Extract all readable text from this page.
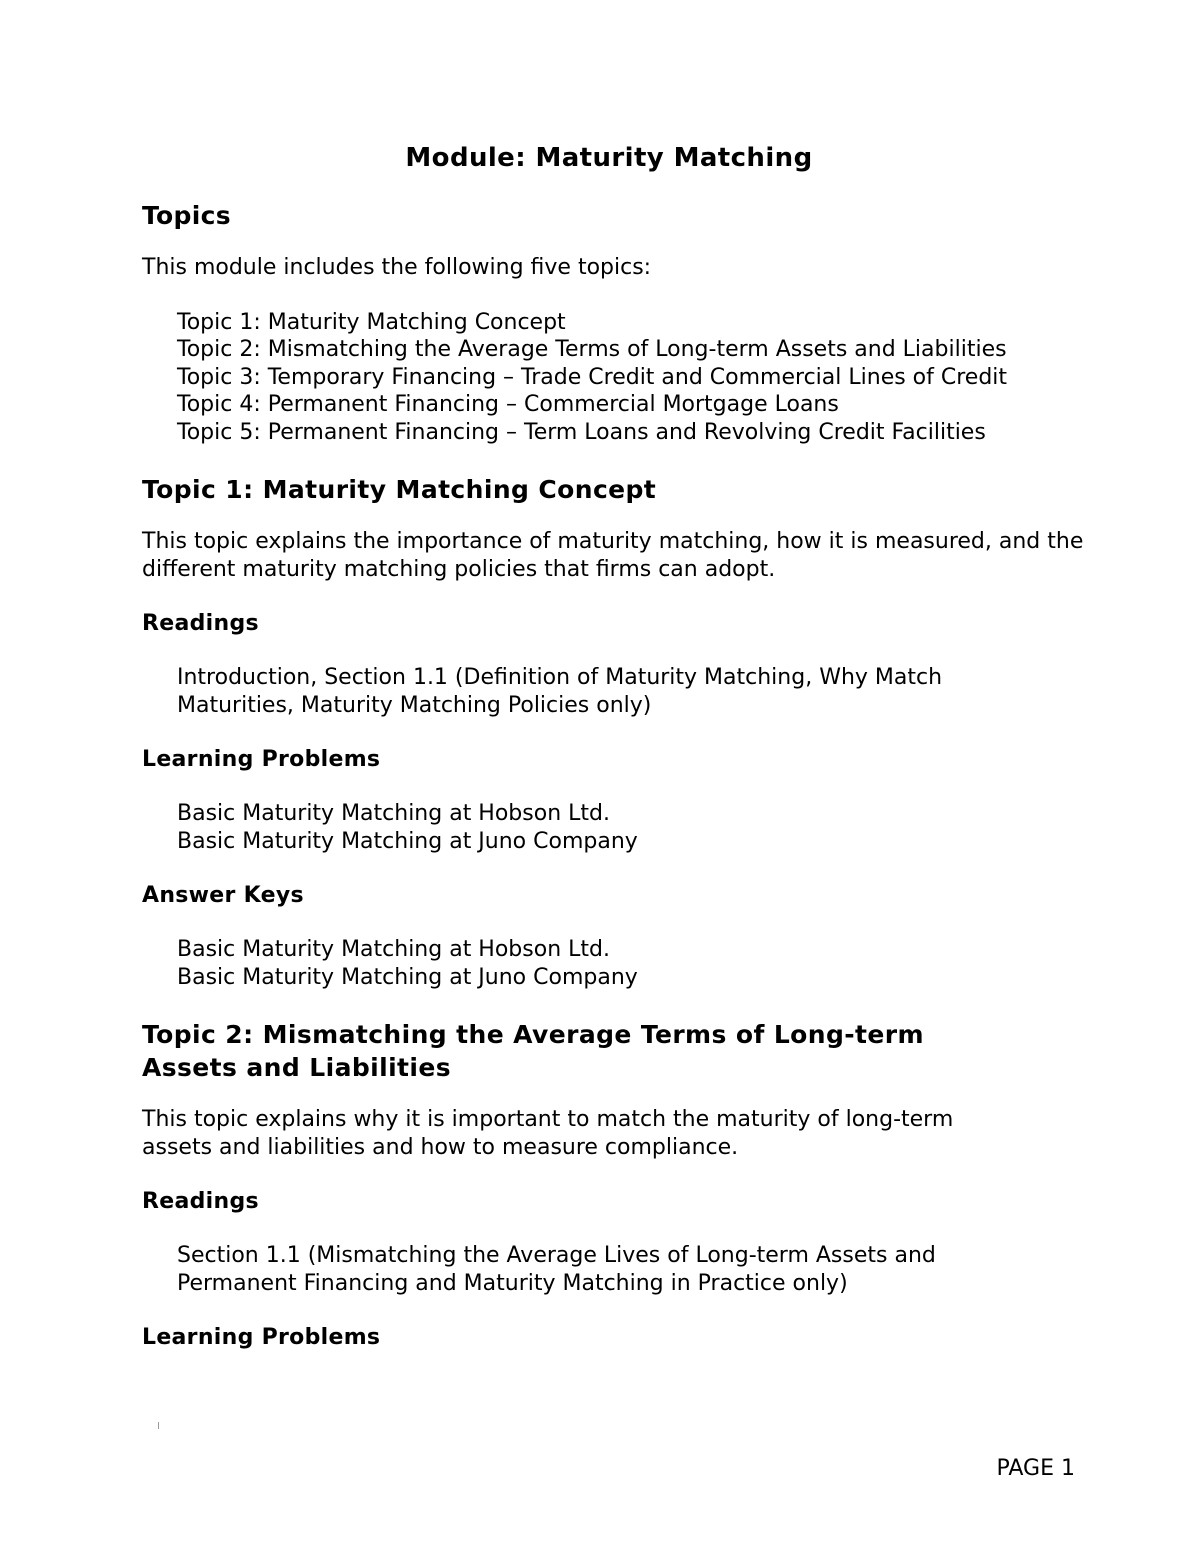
Module: Maturity Matching
Topics

This module includes the following five topics:

Topic 1: Maturity Matching Concept
Topic 2: Mismatching the Average Terms of Long-term Assets and Liabilities
Topic 3: Temporary Financing – Trade Credit and Commercial Lines of Credit
Topic 4: Permanent Financing – Commercial Mortgage Loans
Topic 5: Permanent Financing – Term Loans and Revolving Credit Facilities
Topic 1: Maturity Matching Concept

This topic explains the importance of maturity matching, how it is measured, and the different maturity matching policies that firms can adopt.

Readings
Introduction, Section 1.1 (Definition of Maturity Matching, Why Match Maturities, Maturity Matching Policies only)
Learning Problems
Basic Maturity Matching at Hobson Ltd.
Basic Maturity Matching at Juno Company
Answer Keys
Basic Maturity Matching at Hobson Ltd.
Basic Maturity Matching at Juno Company
Topic 2: Mismatching the Average Terms of Long-term Assets and Liabilities

This topic explains why it is important to match the maturity of long-term assets and liabilities and how to measure compliance.

Readings
Section 1.1 (Mismatching the Average Lives of Long-term Assets and Permanent Financing and Maturity Matching in Practice only)
Learning Problems
PAGE 1
